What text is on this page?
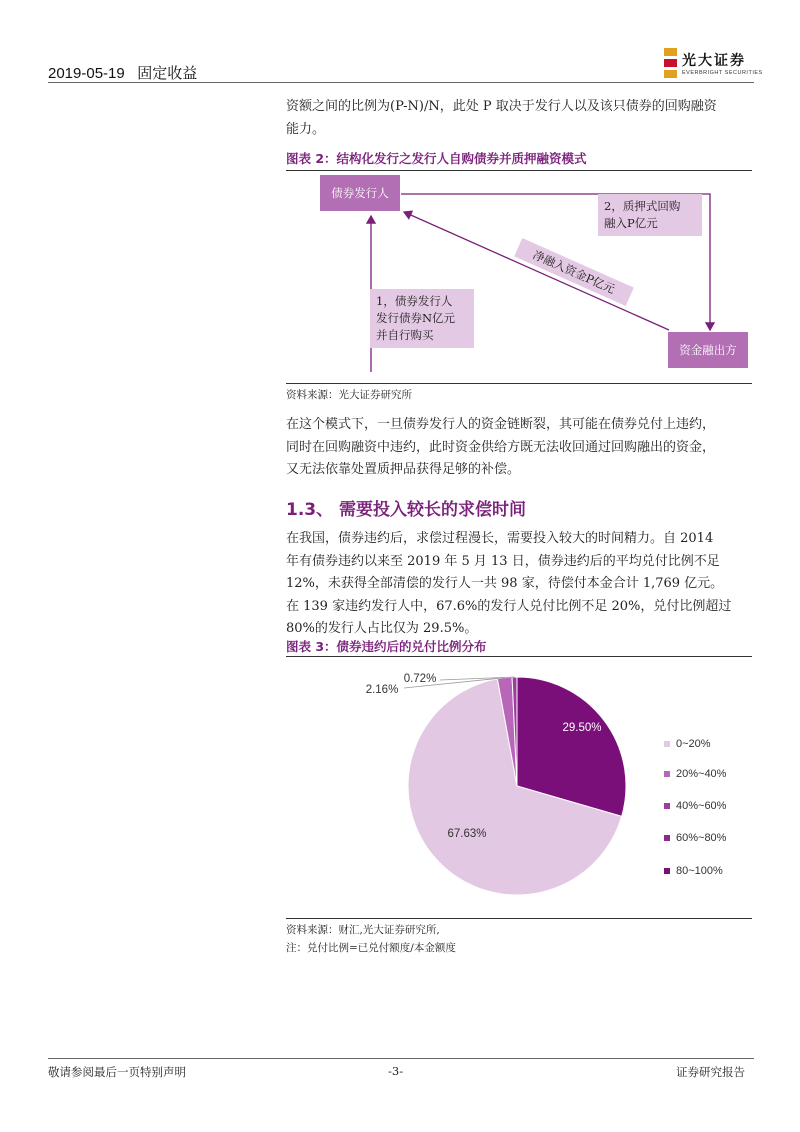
2019-05-19 固定收益
光大证券
EVERBRIGHT SECURITIES
资额之间的比例为(P-N)/N，此处 P 取决于发行人以及该只债券的回购融资
能力。
图表 2：结构化发行之发行人自购债券并质押融资模式
债券发行人
资金融出方
1，债券发行人
发行债券N亿元
并自行购买
2，质押式回购
融入P亿元
净融入资金P亿元
资料来源：光大证券研究所
在这个模式下，一旦债券发行人的资金链断裂，其可能在债券兑付上违约，
同时在回购融资中违约，此时资金供给方既无法收回通过回购融出的资金，
又无法依靠处置质押品获得足够的补偿。
1.3、 需要投入较长的求偿时间
在我国，债券违约后，求偿过程漫长，需要投入较大的时间精力。自 2014
年有债券违约以来至 2019 年 5 月 13 日，债券违约后的平均兑付比例不足
12%，未获得全部清偿的发行人一共 98 家，待偿付本金合计 1,769 亿元。
在 139 家违约发行人中，67.6%的发行人兑付比例不足 20%，兑付比例超过
80%的发行人占比仅为 29.5%。
图表 3：债券违约后的兑付比例分布
29.50%
67.63%
2.16%
0.72%
0~20%
20%~40%
40%~60%
60%~80%
80~100%
资料来源：财汇,光大证券研究所,
注：兑付比例=已兑付额度/本金额度
敬请参阅最后一页特别声明	-3-	证券研究报告
